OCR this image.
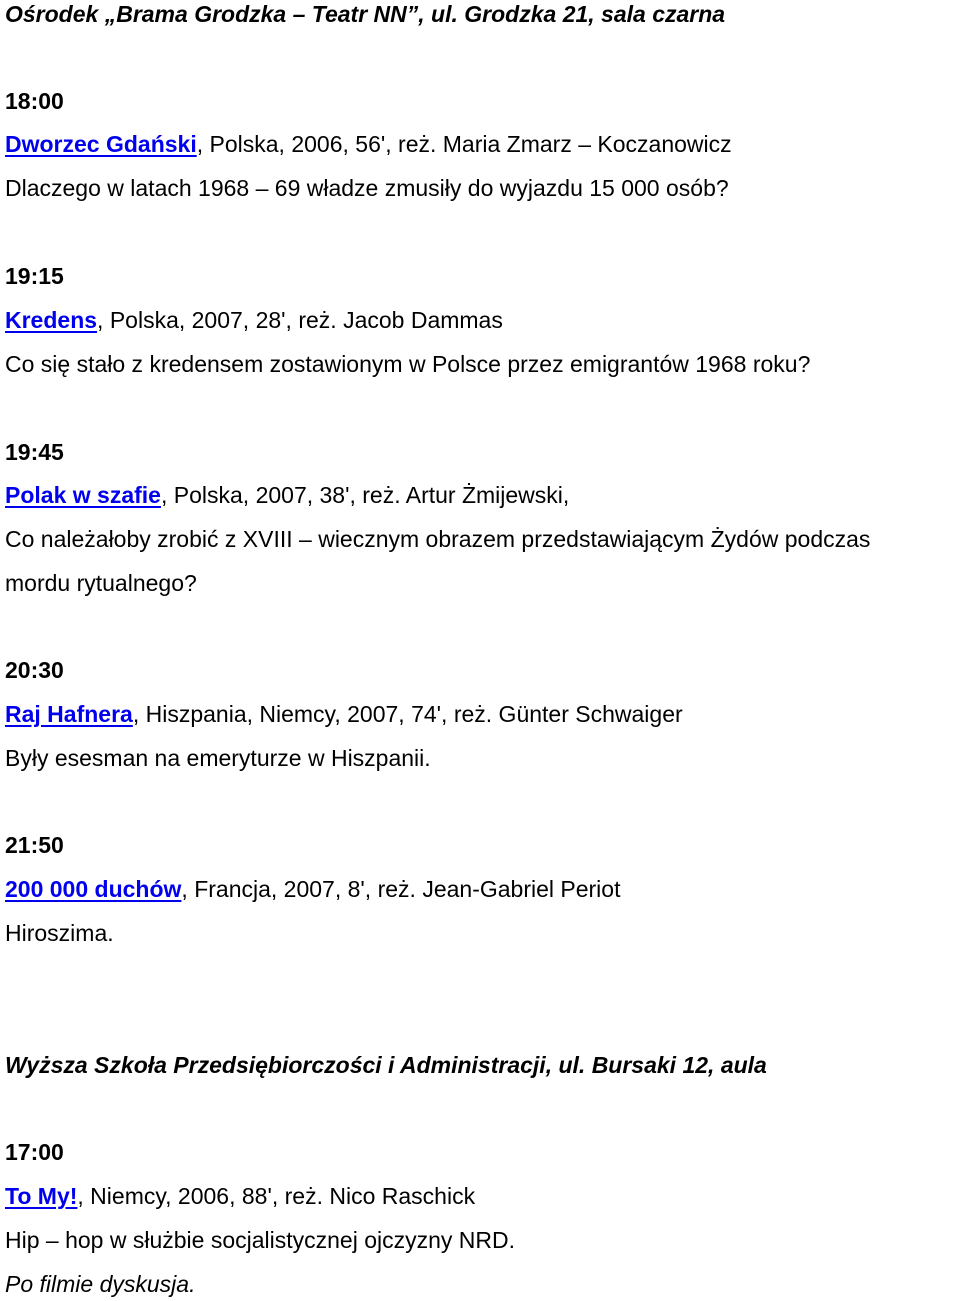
Ośrodek „Brama Grodzka – Teatr NN”, ul. Grodzka 21, sala czarna
18:00
Dworzec Gdański, Polska, 2006, 56', reż. Maria Zmarz – Koczanowicz
Dlaczego w latach 1968 – 69 władze zmusiły do wyjazdu 15 000 osób?
19:15
Kredens, Polska, 2007, 28', reż. Jacob Dammas
Co się stało z kredensem zostawionym w Polsce przez emigrantów 1968 roku?
19:45
Polak w szafie, Polska, 2007, 38', reż. Artur Żmijewski,
Co należałoby zrobić z XVIII – wiecznym obrazem przedstawiającym Żydów podczas
mordu rytualnego?
20:30
Raj Hafnera, Hiszpania, Niemcy, 2007, 74', reż. Günter Schwaiger
Były esesman na emeryturze w Hiszpanii.
21:50
200 000 duchów, Francja, 2007, 8', reż. Jean-Gabriel Periot
Hiroszima.
Wyższa Szkoła Przedsiębiorczości i Administracji, ul. Bursaki 12, aula
17:00
To My!, Niemcy, 2006, 88', reż. Nico Raschick
Hip – hop w służbie socjalistycznej ojczyzny NRD.
Po filmie dyskusja.
